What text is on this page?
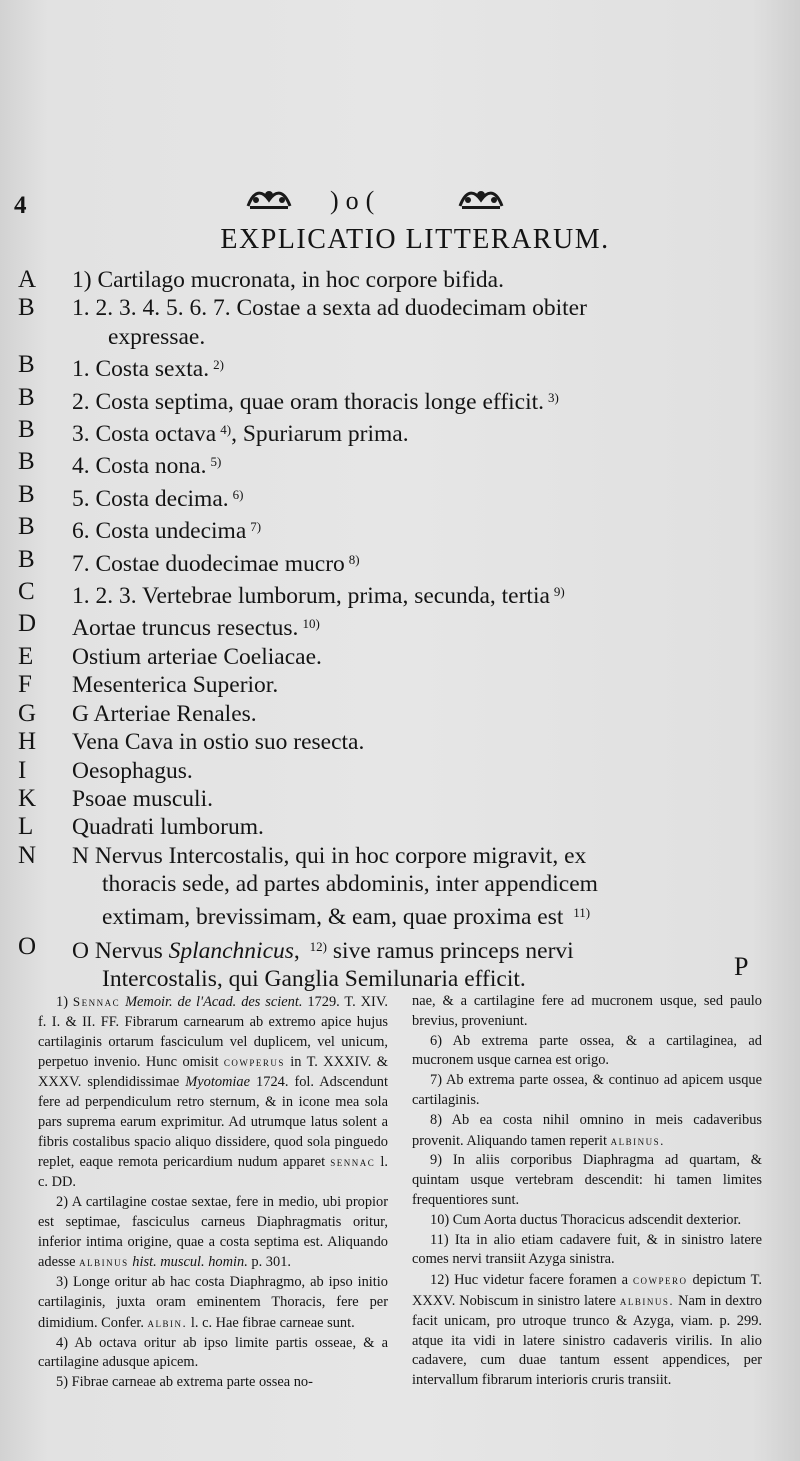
4	)o(
EXPLICATIO LITTERARUM.
A 1) Cartilago mucronata, in hoc corpore bifida.
B 1. 2. 3. 4. 5. 6. 7. Costae a sexta ad duodecimam obiter
expressae.
B 1. Costa sexta. $^{2)}$
B 2. Costa septima, quae oram thoracis longe efficit. $^{3)}$
B 3. Costa octava $^{4)}$, Spuriarum prima.
B 4. Costa nona. $^{5)}$
B 5. Costa decima. $^{6)}$
B 6. Costa undecima $^{7)}$
B 7. Costae duodecimae mucro $^{8)}$
C 1. 2. 3. Vertebrae lumborum, prima, secunda, tertia $^{9)}$
D Aortae truncus resectus. $^{10)}$
E Ostium arteriae Coeliacae.
F Mesenterica Superior.
G G Arteriae Renales.
H Vena Cava in ostio suo resecta.
I Oesophagus.
K Psoae musculi.
L Quadrati lumborum.
N N Nervus Intercostalis, qui in hoc corpore migravit, ex
thoracis sede, ad partes abdominis, inter appendicem
extimam, brevissimam, & eam, quae proxima est $^{11)}$
O O Nervus Splanchnicus, $^{12)}$ sive ramus princeps nervi
Intercostalis, qui Ganglia Semilunaria efficit.	P

1) Sennac Memoir. de l'Acad. des scient. 1729. T. XIV. f. I. & II. FF. Fibrarum carnearum ab extremo apice hujus cartilaginis ortarum fasciculum vel duplicem, vel unicum, perpetuo invenio. Hunc omisit cowperus in T. XXXIV. & XXXV. splendidissimae Myotomiae 1724. fol. Adscendunt fere ad perpendiculum retro sternum, & in icone mea sola pars suprema earum exprimitur. Ad utrumque latus solent a fibris costalibus spacio aliquo dissidere, quod sola pinguedo replet, eaque remota pericardium nudum apparet sennac l. c. DD.

2) A cartilagine costae sextae, fere in medio, ubi propior est septimae, fasciculus carneus Diaphragmatis oritur, inferior intima origine, quae a costa septima est. Aliquando adesse albinus hist. muscul. homin. p. 301.

3) Longe oritur ab hac costa Diaphragmo, ab ipso initio cartilaginis, juxta oram eminentem Thoracis, fere per dimidium. Confer. albin. l. c. Hae fibrae carneae sunt.

4) Ab octava oritur ab ipso limite partis osseae, & a cartilagine adusque apicem.

5) Fibrae carneae ab extrema parte ossea no-

nae, & a cartilagine fere ad mucronem usque, sed paulo brevius, proveniunt.

6) Ab extrema parte ossea, & a cartilaginea, ad mucronem usque carnea est origo.

7) Ab extrema parte ossea, & continuo ad apicem usque cartilaginis.

8) Ab ea costa nihil omnino in meis cadaveribus provenit. Aliquando tamen reperit albinus.

9) In aliis corporibus Diaphragma ad quartam, & quintam usque vertebram descendit: hi tamen limites frequentiores sunt.

10) Cum Aorta ductus Thoracicus adscendit dexterior.

11) Ita in alio etiam cadavere fuit, & in sinistro latere comes nervi transiit Azyga sinistra.

12) Huc videtur facere foramen a cowpero depictum T. XXXV. Nobiscum in sinistro latere albinus. Nam in dextro facit unicam, pro utroque trunco & Azyga, viam. p. 299. atque ita vidi in latere sinistro cadaveris virilis. In alio cadavere, cum duae tantum essent appendices, per intervallum fibrarum interioris cruris transiit.
